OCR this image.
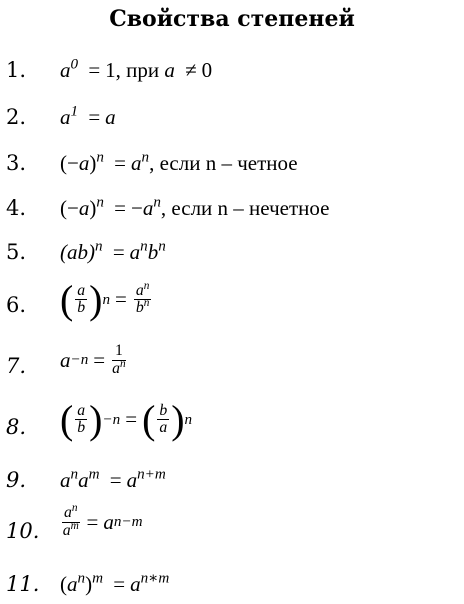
Свойства степеней
1.	$a^0 = 1$, при a ≠ 0
2.	$a^1 = a$
3.	$(-a)^n = a^n$, если n – четное
4.	$(-a)^n = -a^n$, если n – нечетное
5.	$(ab)^n = a^nb^n$
6. ( $\frac{a}{b}$ ) $n = \frac{a^n}{b^n}$
7.	$a -n = \frac{1}{a^n}$
8. ( $\frac{a}{b}$ ) −n = ( $\frac{b}{a}$ ) n
9.	$a^na^m = a^{n+m}$
10.	$\frac{a^n}{a^m} = a$ n−m
11. $(a^n)^m = a^{n∗m}$
